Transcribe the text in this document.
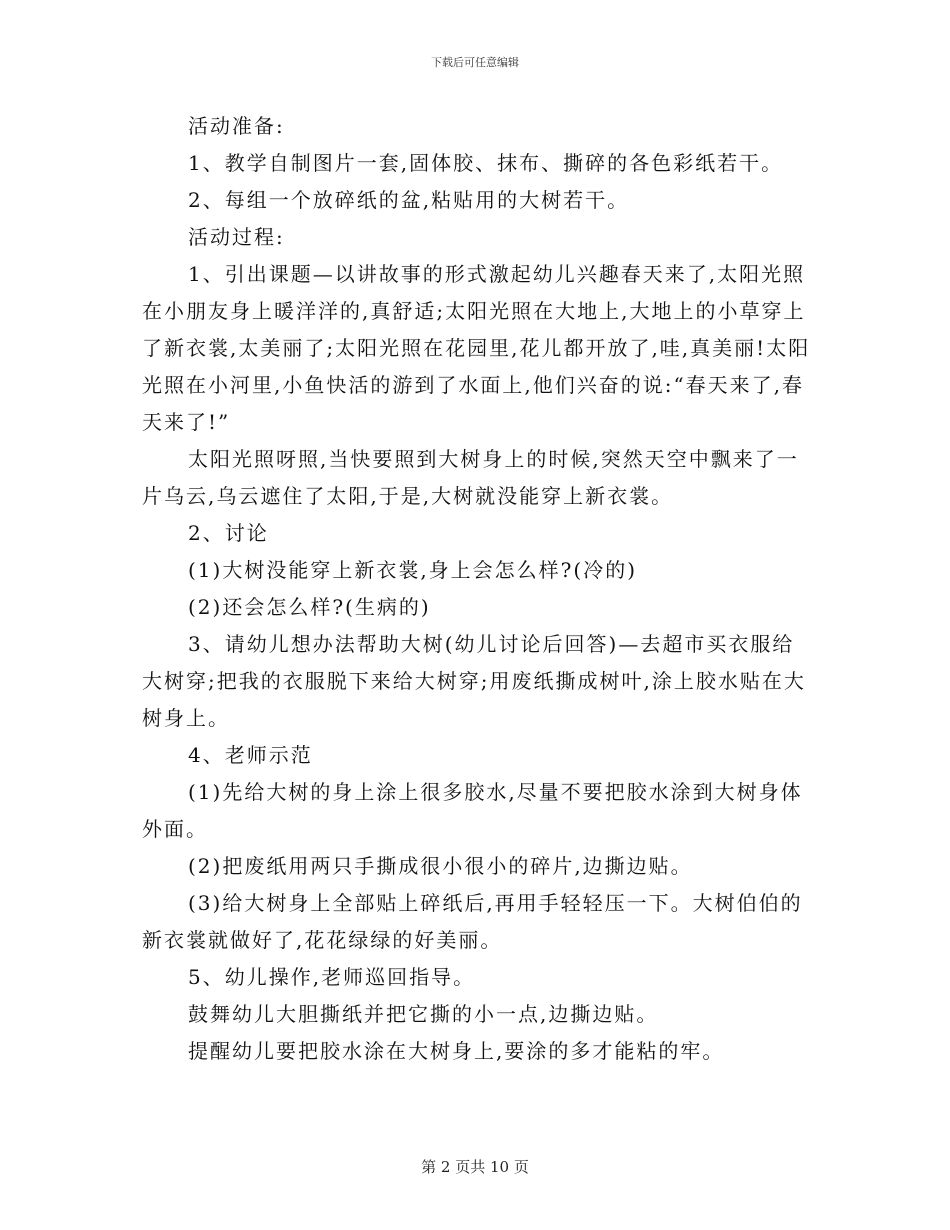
下载后可任意编辑

活动准备:

1、教学自制图片一套,固体胶、抹布、撕碎的各色彩纸若干。

2、每组一个放碎纸的盆,粘贴用的大树若干。

活动过程:

1、引出课题—以讲故事的形式激起幼儿兴趣春天来了,太阳光照在小朋友身上暖洋洋的,真舒适;太阳光照在大地上,大地上的小草穿上了新衣裳,太美丽了;太阳光照在花园里,花儿都开放了,哇,真美丽!太阳光照在小河里,小鱼快活的游到了水面上,他们兴奋的说:“春天来了,春天来了!”

太阳光照呀照,当快要照到大树身上的时候,突然天空中飘来了一片乌云,乌云遮住了太阳,于是,大树就没能穿上新衣裳。

2、讨论

(1)大树没能穿上新衣裳,身上会怎么样?(冷的)

(2)还会怎么样?(生病的)

3、请幼儿想办法帮助大树(幼儿讨论后回答)—去超市买衣服给大树穿;把我的衣服脱下来给大树穿;用废纸撕成树叶,涂上胶水贴在大树身上。

4、老师示范

(1)先给大树的身上涂上很多胶水,尽量不要把胶水涂到大树身体外面。

(2)把废纸用两只手撕成很小很小的碎片,边撕边贴。

(3)给大树身上全部贴上碎纸后,再用手轻轻压一下。大树伯伯的新衣裳就做好了,花花绿绿的好美丽。

5、幼儿操作,老师巡回指导。

鼓舞幼儿大胆撕纸并把它撕的小一点,边撕边贴。

提醒幼儿要把胶水涂在大树身上,要涂的多才能粘的牢。

第 2 页共 10 页
